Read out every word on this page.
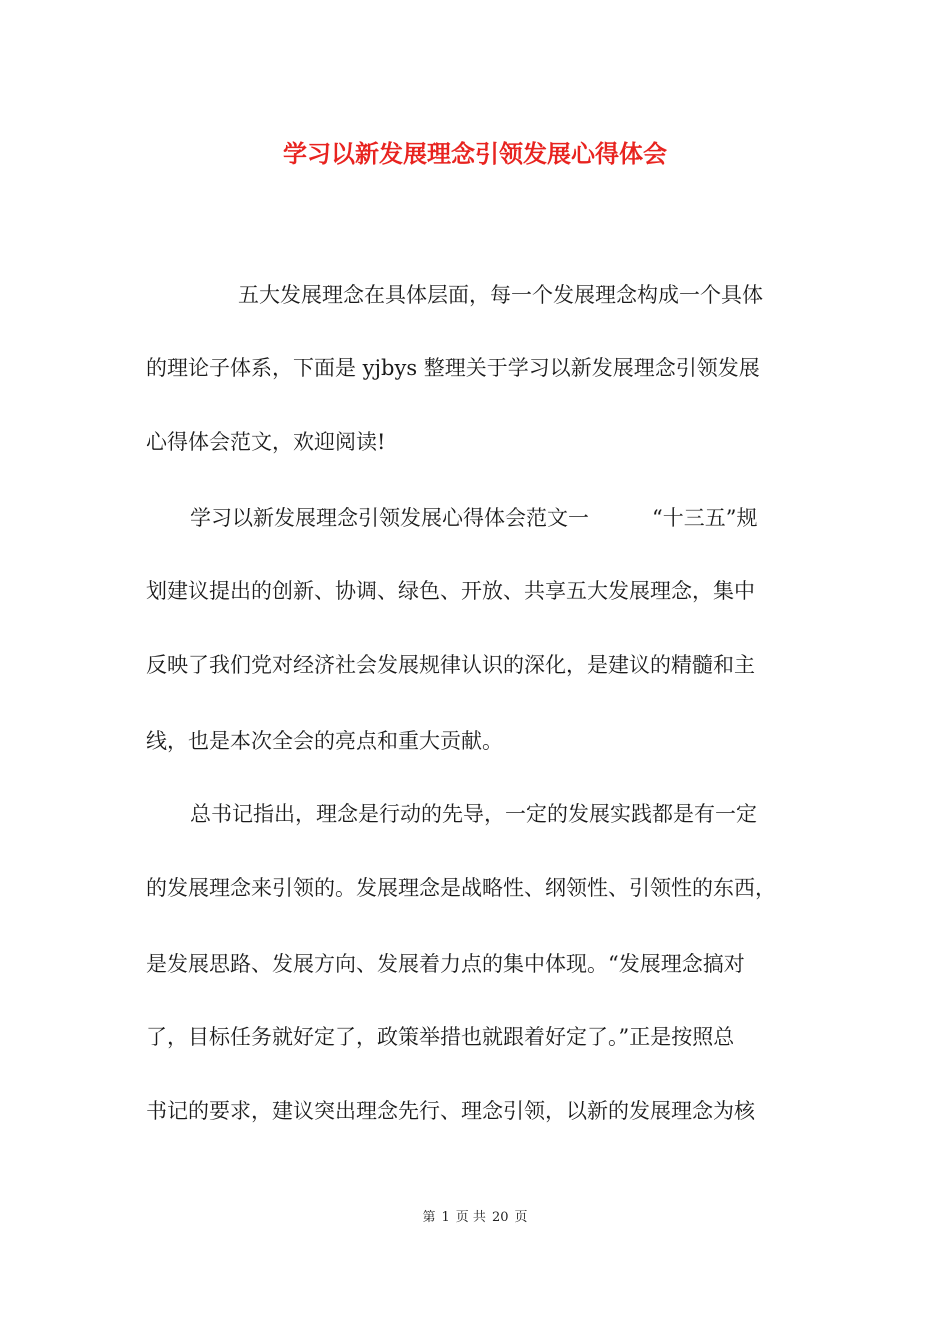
学习以新发展理念引领发展心得体会
五大发展理念在具体层面，每一个发展理念构成一个具体
的理论子体系，下面是 yjbys 整理关于学习以新发展理念引领发展
心得体会范文，欢迎阅读!
学习以新发展理念引领发展心得体会范文一　　　“十三五”规
划建议提出的创新、协调、绿色、开放、共享五大发展理念，集中
反映了我们党对经济社会发展规律认识的深化，是建议的精髓和主
线，也是本次全会的亮点和重大贡献。
总书记指出，理念是行动的先导，一定的发展实践都是有一定
的发展理念来引领的。发展理念是战略性、纲领性、引领性的东西，
是发展思路、发展方向、发展着力点的集中体现。“发展理念搞对
了，目标任务就好定了，政策举措也就跟着好定了。”正是按照总
书记的要求，建议突出理念先行、理念引领，以新的发展理念为核
第 1 页 共 20 页
